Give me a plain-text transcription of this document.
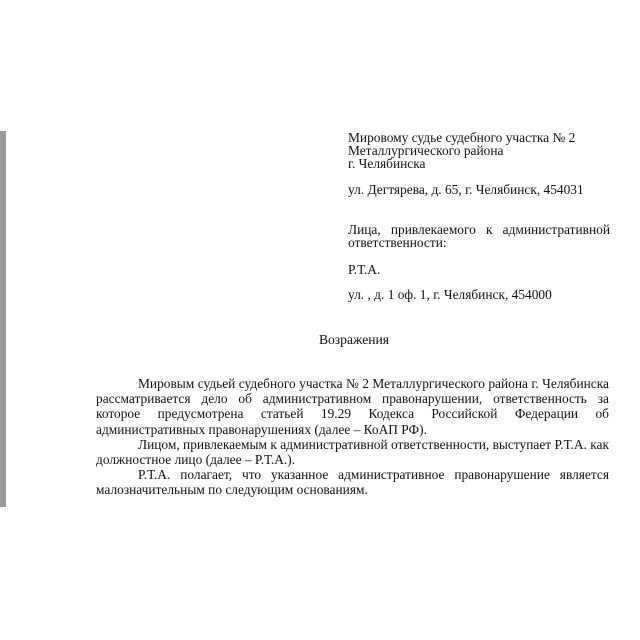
Мировому судье судебного участка № 2

Металлургического района

г. Челябинска

ул. Дегтярева, д. 65, г. Челябинск, 454031

Лица, привлекаемого к административной ответственности:

Р.Т.А.

ул. , д. 1 оф. 1, г. Челябинск, 454000

Возражения

Мировым судьей судебного участка № 2 Металлургического района г. Челябинска рассматривается дело об административном правонарушении, ответственность за которое предусмотрена статьей 19.29 Кодекса Российской Федерации об административных правонарушениях (далее – КоАП РФ).

Лицом, привлекаемым к административной ответственности, выступает Р.Т.А. как должностное лицо (далее – Р.Т.А.).

Р.Т.А. полагает, что указанное административное правонарушение является малозначительным по следующим основаниям.
